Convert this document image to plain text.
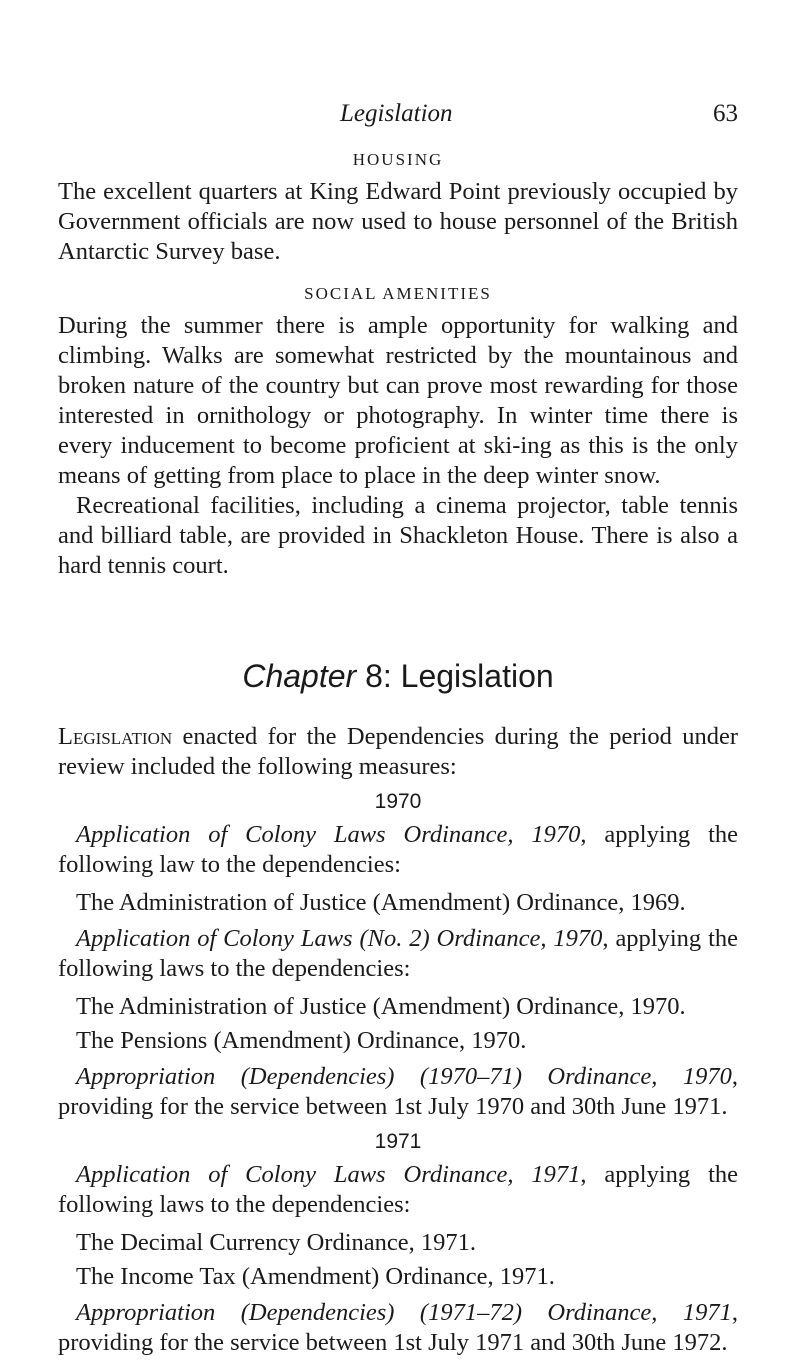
Legislation	63

HOUSING

The excellent quarters at King Edward Point previously occupied by Government officials are now used to house personnel of the British Antarctic Survey base.

SOCIAL AMENITIES

During the summer there is ample opportunity for walking and climbing. Walks are somewhat restricted by the mountainous and broken nature of the country but can prove most rewarding for those interested in ornithology or photography. In winter time there is every inducement to become proficient at ski-ing as this is the only means of getting from place to place in the deep winter snow.

Recreational facilities, including a cinema projector, table tennis and billiard table, are provided in Shackleton House. There is also a hard tennis court.

Chapter 8: Legislation

Legislation enacted for the Dependencies during the period under review included the following measures:

1970

Application of Colony Laws Ordinance, 1970, applying the following law to the dependencies:

The Administration of Justice (Amendment) Ordinance, 1969.

Application of Colony Laws (No. 2) Ordinance, 1970, applying the following laws to the dependencies:

The Administration of Justice (Amendment) Ordinance, 1970.

The Pensions (Amendment) Ordinance, 1970.

Appropriation (Dependencies) (1970–71) Ordinance, 1970, providing for the service between 1st July 1970 and 30th June 1971.

1971

Application of Colony Laws Ordinance, 1971, applying the following laws to the dependencies:

The Decimal Currency Ordinance, 1971.

The Income Tax (Amendment) Ordinance, 1971.

Appropriation (Dependencies) (1971–72) Ordinance, 1971, providing for the service between 1st July 1971 and 30th June 1972.
